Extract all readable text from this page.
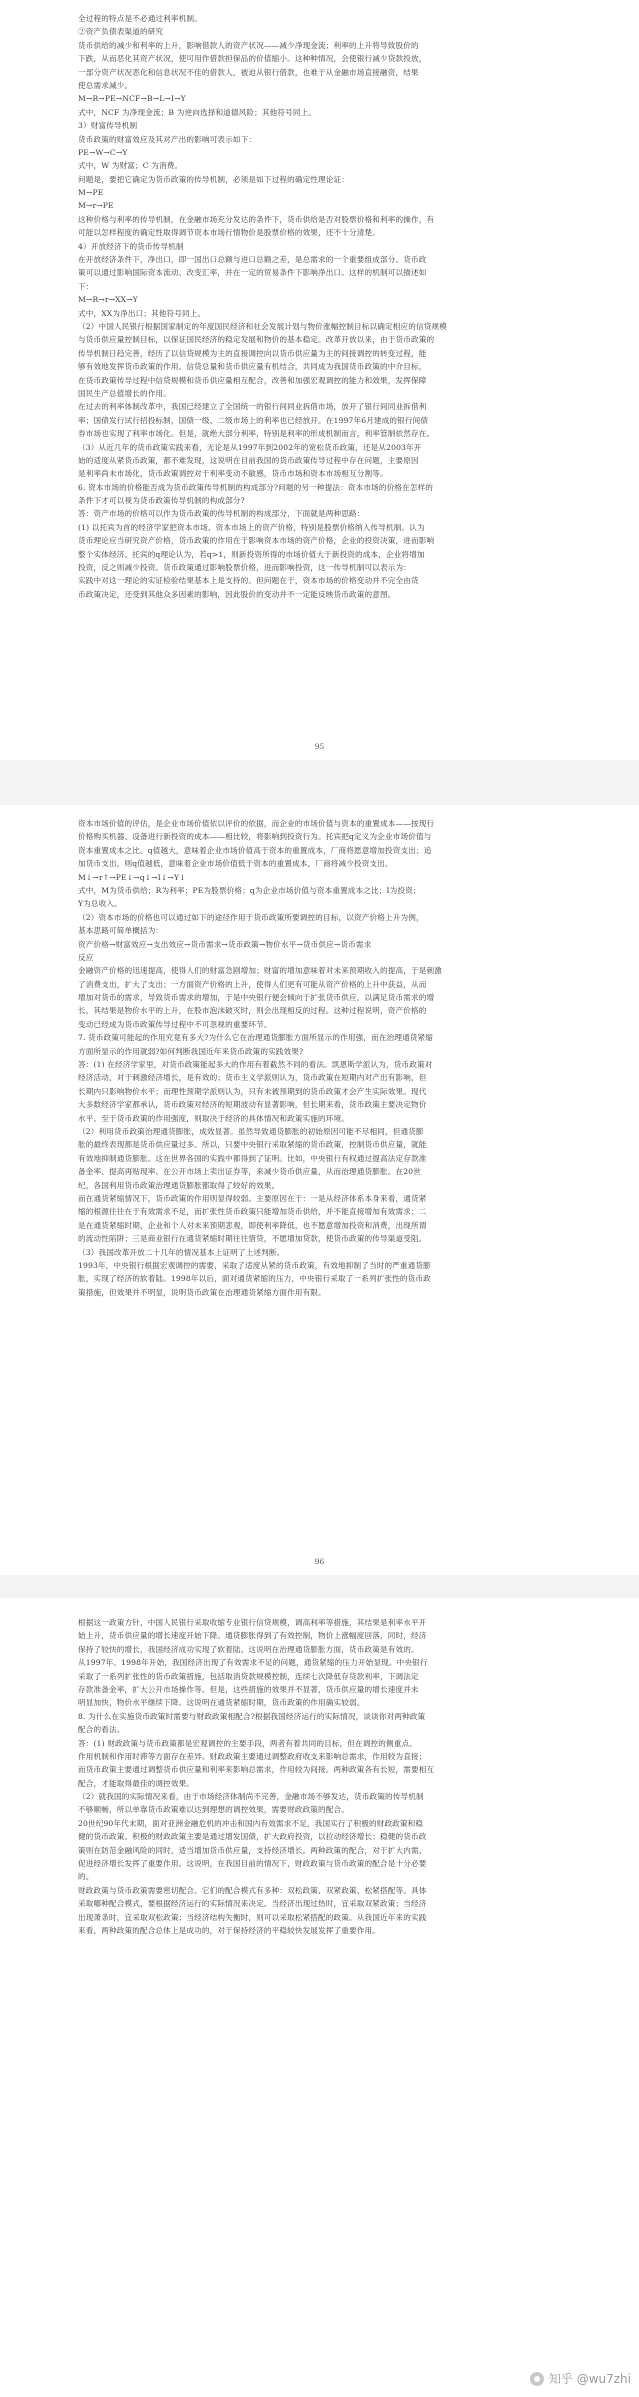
全过程的特点是不必通过利率机制。
②资产负债表渠道的研究
货币供给的减少和利率的上升，影响借款人的资产状况——减少净现金流；利率的上升将导致股价的
下跌，从而恶化其资产状况，使可用作借款担保品的价值缩小。这种种情况，会使银行减少贷款投放，
一部分资产状况恶化和信息状况不佳的借款人，被迫从银行借款，也难于从金融市场直接融资，结果
使总需求减少。
M→R→PE→NCF→B→L→I→Y
式中，NCF 为净现金流；B 为逆向选择和道德风险；其他符号同上。
3）财富传导机制
货币政策的财富效应及其对产出的影响可表示如下：
PE→W→C→Y
式中，W 为财富；C 为消费。
问题是，要把它确定为货币政策的传导机制，必须是如下过程的确定性理论证：
M→PE
M→r→PE
这种价格与利率的传导机制，在金融市场充分发达的条件下，货币供给是否对股票价格和利率的操作，有
可能以怎样程度的确定性取得调节资本市场行情物价是股票价格的效果，还不十分清楚。
4）开放经济下的货币传导机制
在开放经济条件下，净出口，即一国出口总额与进口总额之差，是总需求的一个重要组成部分。货币政
策可以通过影响国际资本流动、改变汇率，并在一定的贸易条件下影响净出口。这样的机制可以描述如
下：
M→R→r→XX→Y
式中，XX为净出口；其他符号同上。
（2）中国人民银行根据国家制定的年度国民经济和社会发展计划与物价涨幅控制目标以确定相应的信贷规模
与货币供应量控制目标，以保证国民经济的稳定发展和物价的基本稳定。改革开放以来，由于货币政策的
传导机制日趋完善，经历了以信贷规模为主的直接调控向以货币供应量为主的间接调控的转变过程，能
够有效地发挥货币政策的作用。信贷总量和货币供应量有机结合，共同成为我国货币政策的中介目标，
在货币政策传导过程中信贷规模和货币供应量相互配合，改善和加强宏观调控的能力和效果，发挥保障
国民生产总值增长的作用。
在过去的利率体制改革中，我国已经建立了全国统一的银行间同业拆借市场，放开了银行间同业拆借利
率；国债发行试行招投标制，国债一级、二级市场上的利率也已经放开。在1997年6月建成的银行间债
券市场也实现了利率市场化。但是，就绝大部分利率，特别是利率的形成机制而言，利率管制依然存在。
（3）从近几年的货币政策实践来看，无论是从1997年到2002年的宽松货币政策，还是从2003年开
始的适度从紧货币政策，都不难发现，这说明在目前我国的货币政策传导过程中存在问题，主要原因
是利率尚未市场化，货币政策调控对于利率变动不敏感，货币市场和资本市场相互分割等。
6. 资本市场的价格能否成为货币政策传导机制的构成部分?问题的另一种提法：资本市场的价格在怎样的
条件下才可以视为货币政策传导机制的构成部分?
答：资产市场的价格可以作为货币政策的传导机制的构成部分，下面就是两种思路：
(1) 以托宾为首的经济学家把资本市场、资本市场上的资产价格，特别是股票价格纳入传导机制。认为
货币理论应当研究资产价格，货币政策的作用在于影响资本市场的资产价格，企业的投资决策，进而影响
整个实体经济。托宾的q理论认为，若q>1，则新投资所得的市场价值大于新投资的成本，企业将增加
投资，反之则减少投资。货币政策通过影响股票价格，进而影响投资，这一传导机制可以表示为：
实践中对这一理论的实证检验结果基本上是支持的。但问题在于，资本市场的价格变动并不完全由货
币政策决定，还受到其他众多因素的影响，因此股价的变动并不一定能反映货币政策的意图。
95
资本市场价值的评估，是企业市场价值依以评价的依据，而企业的市场价值与资本的重置成本——按现行
价格购买机器、设备进行新投资的成本——相比较，将影响到投资行为。托宾把q定义为企业市场价值与
资本重置成本之比。q值越大，意味着企业市场价值高于资本的重置成本，厂商将愿意增加投资支出；追
加货币支出，则q值越低，意味着企业市场价值低于资本的重置成本，厂商将减少投资支出。
M↓→r↑→PE↓→q↓→I↓→Y↓
式中，M为货币供给；R为利率；PE为股票价格；q为企业市场价值与资本重置成本之比；I为投资；
Y为总收入。
（2）资本市场的价格也可以通过如下的途径作用于货币政策所要调控的目标，以资产价格上升为例，
基本思路可简单概括为：
资产价格→财富效应→支出效应→货币需求→货币政策→物价水平→货币供应→货币需求
反应
金融资产价格的迅速提高，使得人们的财富急剧增加；财富的增加意味着对未来预期收入的提高，于是刺激
了消费支出，扩大了支出；一方面资产价格的上升，使得人们更有可能从资产价格的上升中获益，从而
增加对货币的需求，导致货币需求的增加，于是中央银行便会倾向于扩张货币供应，以满足货币需求的增
长，其结果是物价水平的上升，在股市泡沫破灭时，则会出现相反的过程。这种过程说明，资产价格的
变动已经成为货币政策传导过程中不可忽视的重要环节。
7. 货币政策可能起的作用究竟有多大?为什么它在治理通货膨胀方面所显示的作用强，而在治理通货紧缩
方面所显示的作用就弱?如何判断我国近年来货币政策的实践效果?
答：(1) 在经济学家里，对货币政策能起多大的作用有着截然不同的看法。凯恩斯学派认为，货币政策对
经济活动，对于刺激经济增长，是有效的；货币主义学派则认为，货币政策在短期内对产出有影响，但
长期内只影响物价水平；而理性预期学派则认为，只有未被预期到的货币政策才会产生实际效果。现代
大多数经济学家都承认，货币政策对经济的短期波动有显著影响，但长期来看，货币政策主要决定物价
水平。至于货币政策的作用强度，则取决于经济的具体情况和政策实施的环境。
（2）利用货币政策治理通货膨胀，成效显著。虽然导致通货膨胀的初始原因可能不尽相同，但通货膨
胀的最终表现都是货币供应量过多。所以，只要中央银行采取紧缩的货币政策，控制货币供应量，就能
有效地抑制通货膨胀。这在世界各国的实践中都得到了证明。比如，中央银行有权通过提高法定存款准
备金率、提高再贴现率、在公开市场上卖出证券等，来减少货币供应量，从而治理通货膨胀。在20世
纪，各国利用货币政策治理通货膨胀都取得了较好的效果。
而在通货紧缩情况下，货币政策的作用则显得较弱。主要原因在于：一是从经济体系本身来看，通货紧
缩的根源往往在于有效需求不足，而扩张性货币政策只能增加货币供给，并不能直接增加有效需求；二
是在通货紧缩时期，企业和个人对未来预期悲观，即使利率降低，也不愿意增加投资和消费，出现所谓
的流动性陷阱；三是商业银行在通货紧缩时期往往惜贷，不愿增加贷款，使货币政策的传导渠道受阻。
（3）我国改革开放二十几年的情况基本上证明了上述判断。
1993年，中央银行根据宏观调控的需要，采取了适度从紧的货币政策，有效地抑制了当时的严重通货膨
胀，实现了经济的软着陆。1998年以后，面对通货紧缩的压力，中央银行采取了一系列扩张性的货币政
策措施，但效果并不明显，说明货币政策在治理通货紧缩方面作用有限。
96
根据这一政策方针，中国人民银行采取收缩专业银行信贷规模，调高利率等措施，其结果是利率水平开
始上升，货币供应量的增长速度开始下降。通货膨胀得到了有效控制，物价上涨幅度回落，同时，经济
保持了较快的增长，我国经济成功实现了软着陆。这说明在治理通货膨胀方面，货币政策是有效的。
从1997年、1998年开始，我国经济出现了有效需求不足的问题，通货紧缩的压力开始显现。中央银行
采取了一系列扩张性的货币政策措施，包括取消贷款规模控制，连续七次降低存贷款利率，下调法定
存款准备金率，扩大公开市场操作等。但是，这些措施的效果并不显著，货币供应量的增长速度并未
明显加快，物价水平继续下降。这说明在通货紧缩时期，货币政策的作用确实较弱。
8. 为什么在实施货币政策时需要与财政政策相配合?根据我国经济运行的实际情况，谈谈你对两种政策
配合的看法。
答：(1) 财政政策与货币政策都是宏观调控的主要手段，两者有着共同的目标，但在调控的侧重点、
作用机制和作用时滞等方面存在差异。财政政策主要通过调整政府收支来影响总需求，作用较为直接；
而货币政策主要通过调整货币供应量和利率来影响总需求，作用较为间接。两种政策各有长短，需要相互
配合，才能取得最佳的调控效果。
（2）就我国的实际情况来看，由于市场经济体制尚不完善，金融市场不够发达，货币政策的传导机制
不够顺畅，所以单靠货币政策难以达到理想的调控效果，需要财政政策的配合。
20世纪90年代末期，面对亚洲金融危机的冲击和国内有效需求不足，我国实行了积极的财政政策和稳
健的货币政策。积极的财政政策主要是通过增发国债，扩大政府投资，以拉动经济增长；稳健的货币政
策则在防范金融风险的同时，适当增加货币供应量，支持经济增长。两种政策的配合，对于扩大内需、
促进经济增长发挥了重要作用。这说明，在我国目前的情况下，财政政策与货币政策的配合是十分必要
的。
财政政策与货币政策需要密切配合。它们的配合模式有多种：双松政策、双紧政策、松紧搭配等。具体
采取哪种配合模式，要根据经济运行的实际情况来决定。当经济出现过热时，宜采取双紧政策；当经济
出现萧条时，宜采取双松政策；当经济结构失衡时，则可以采取松紧搭配的政策。从我国近年来的实践
来看，两种政策的配合总体上是成功的，对于保持经济的平稳较快发展发挥了重要作用。
知乎 @wu7zhi
